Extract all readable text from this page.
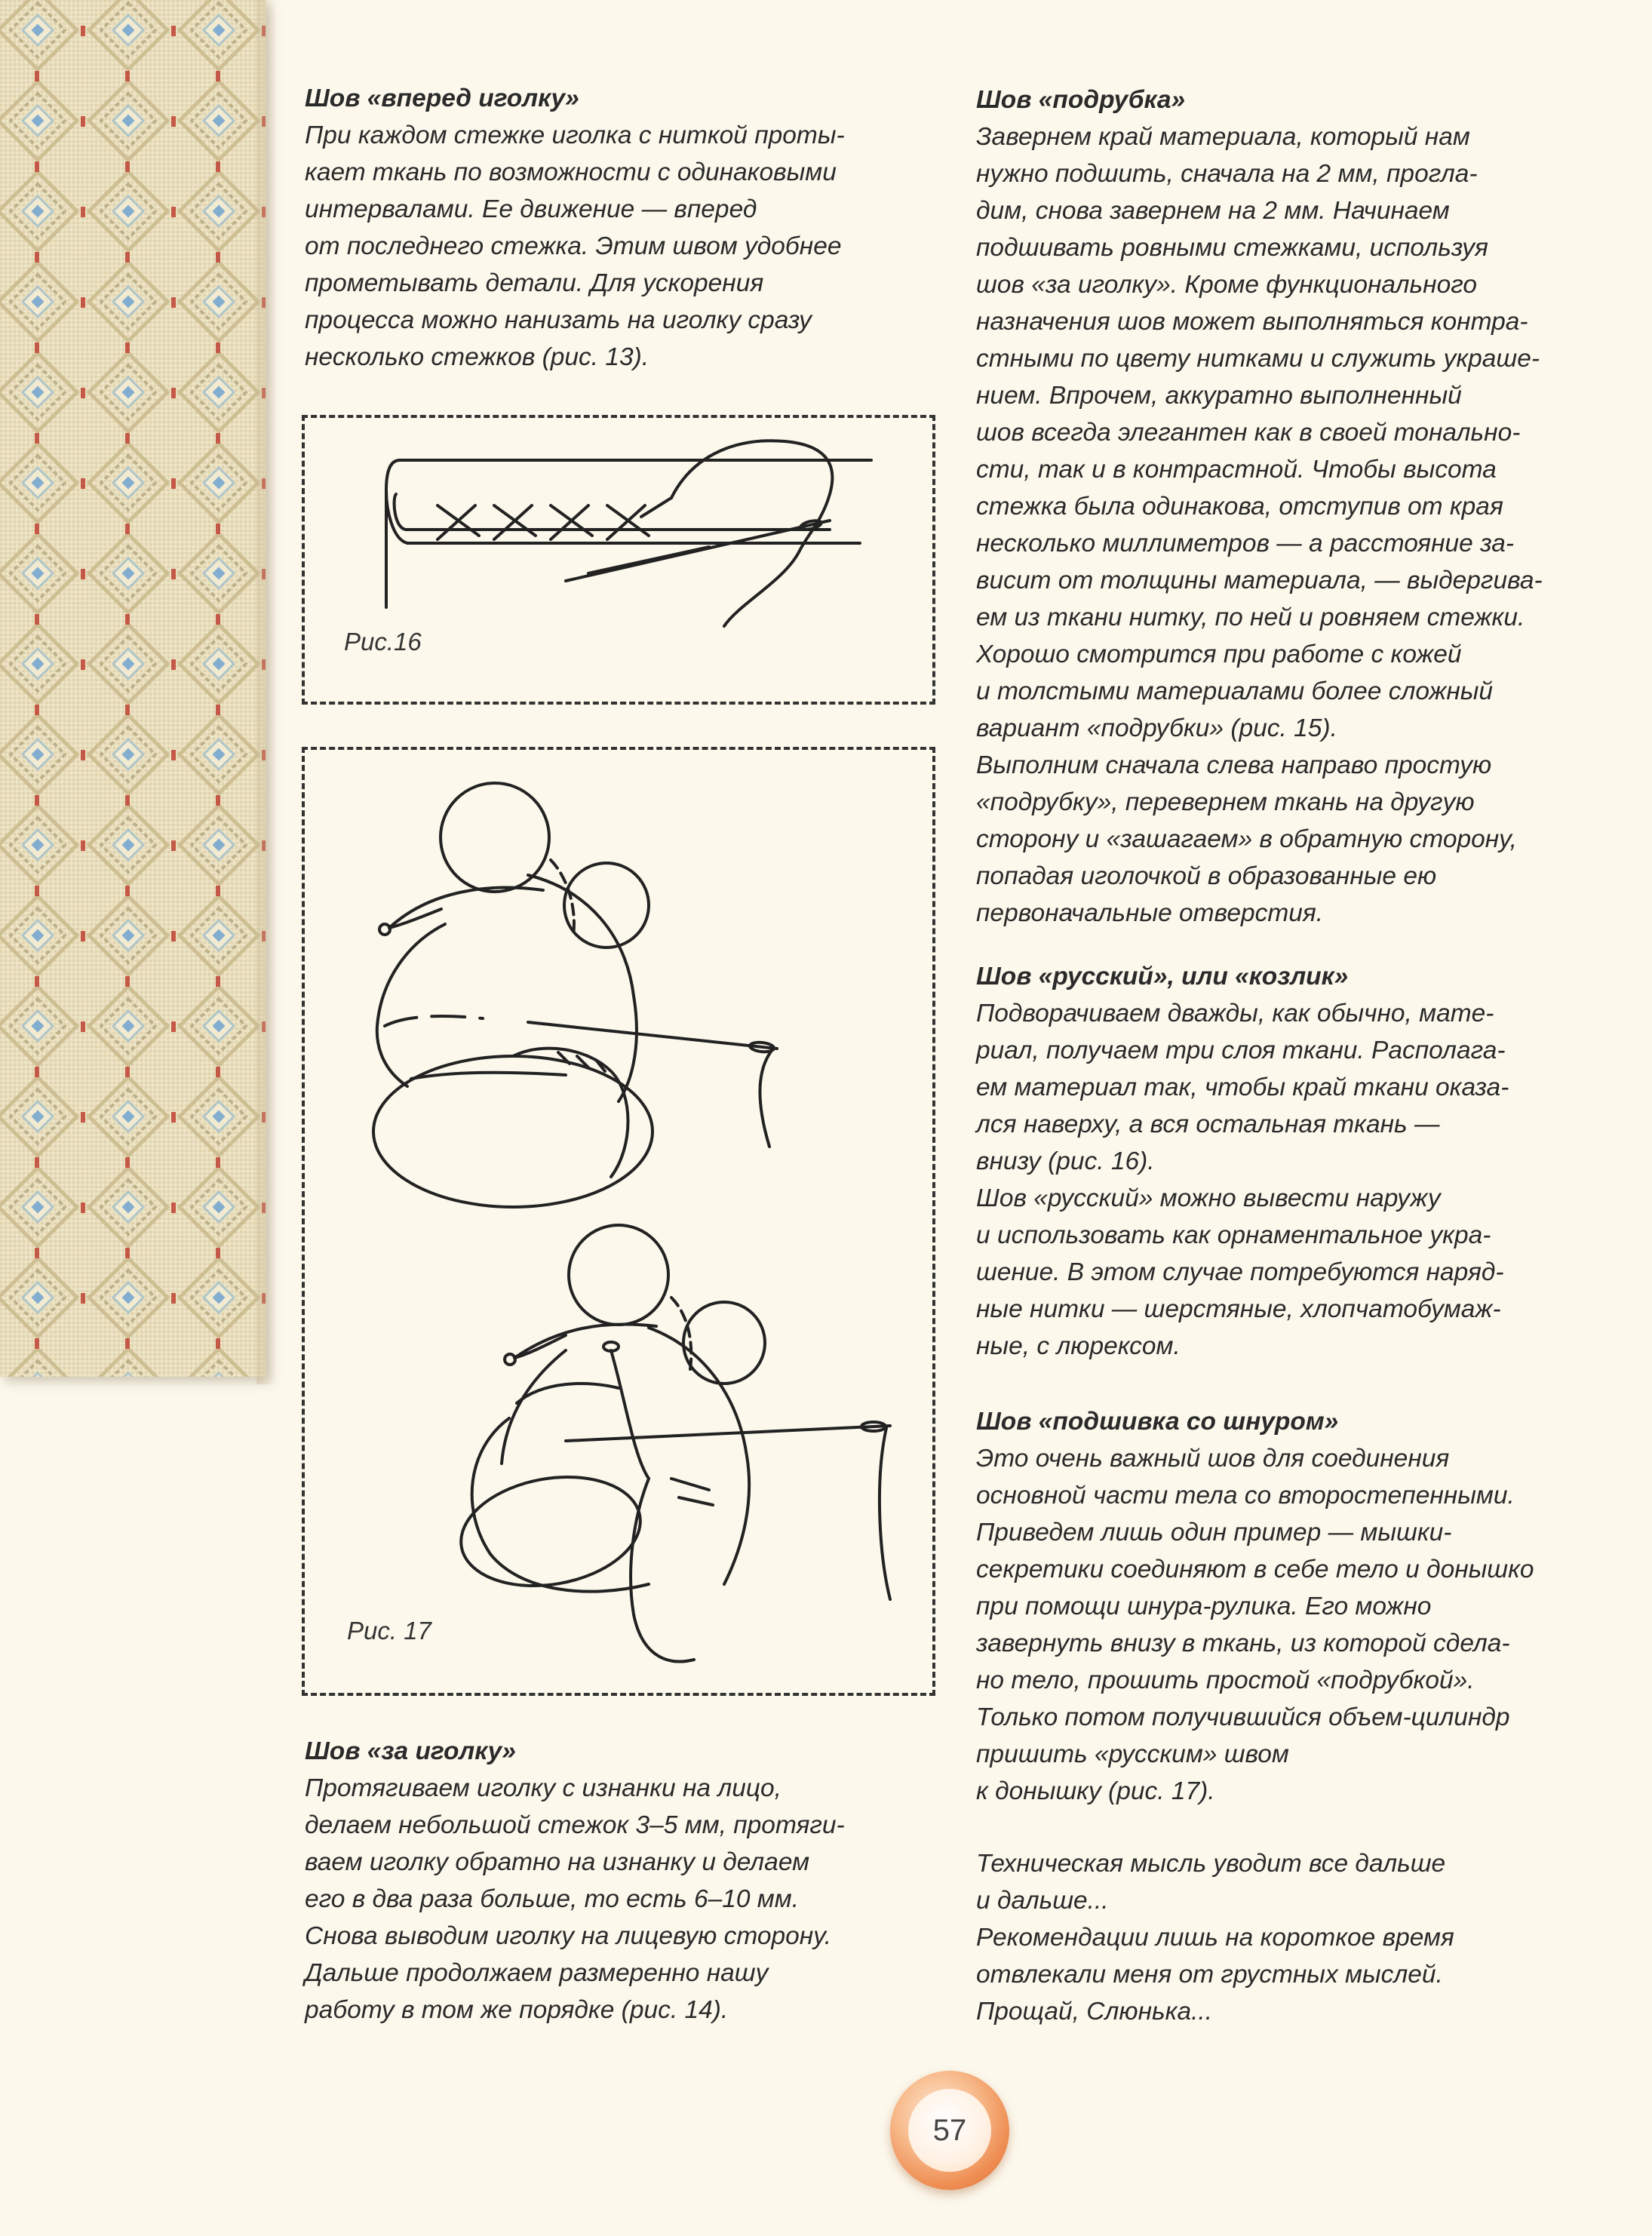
Шов «вперед иголку»

При каждом стежке иголка с ниткой проты-

кает ткань по возможности с одинаковыми

интервалами. Ее движение — вперед

от последнего стежка. Этим швом удобнее

прометывать детали. Для ускорения

процесса можно нанизать на иголку сразу

несколько стежков (рис. 13).

Рис.16
Рис. 17

Шов «за иголку»

Протягиваем иголку с изнанки на лицо,

делаем небольшой стежок 3–5 мм, протяги-

ваем иголку обратно на изнанку и делаем

его в два раза больше, то есть 6–10 мм.

Снова выводим иголку на лицевую сторону.

Дальше продолжаем размеренно нашу

работу в том же порядке (рис. 14).

Шов «подрубка»

Завернем край материала, который нам

нужно подшить, сначала на 2 мм, прогла-

дим, снова завернем на 2 мм. Начинаем

подшивать ровными стежками, используя

шов «за иголку». Кроме функционального

назначения шов может выполняться контра-

стными по цвету нитками и служить украше-

нием. Впрочем, аккуратно выполненный

шов всегда элегантен как в своей тонально-

сти, так и в контрастной. Чтобы высота

стежка была одинакова, отступив от края

несколько миллиметров — а расстояние за-

висит от толщины материала, — выдергива-

ем из ткани нитку, по ней и ровняем стежки.

Хорошо смотрится при работе с кожей

и толстыми материалами более сложный

вариант «подрубки» (рис. 15).

Выполним сначала слева направо простую

«подрубку», перевернем ткань на другую

сторону и «зашагаем» в обратную сторону,

попадая иголочкой в образованные ею

первоначальные отверстия.

Шов «русский», или «козлик»

Подворачиваем дважды, как обычно, мате-

риал, получаем три слоя ткани. Располага-

ем материал так, чтобы край ткани оказа-

лся наверху, а вся остальная ткань —

внизу (рис. 16).

Шов «русский» можно вывести наружу

и использовать как орнаментальное укра-

шение. В этом случае потребуются наряд-

ные нитки — шерстяные, хлопчатобумаж-

ные, с люрексом.

Шов «подшивка со шнуром»

Это очень важный шов для соединения

основной части тела со второстепенными.

Приведем лишь один пример — мышки-

секретики соединяют в себе тело и донышко

при помощи шнура-рулика. Его можно

завернуть внизу в ткань, из которой сдела-

но тело, прошить простой «подрубкой».

Только потом получившийся объем-цилиндр

пришить «русским» швом

к донышку (рис. 17).

Техническая мысль уводит все дальше

и дальше...

Рекомендации лишь на короткое время

отвлекали меня от грустных мыслей.

Прощай, Слюнька...

57
